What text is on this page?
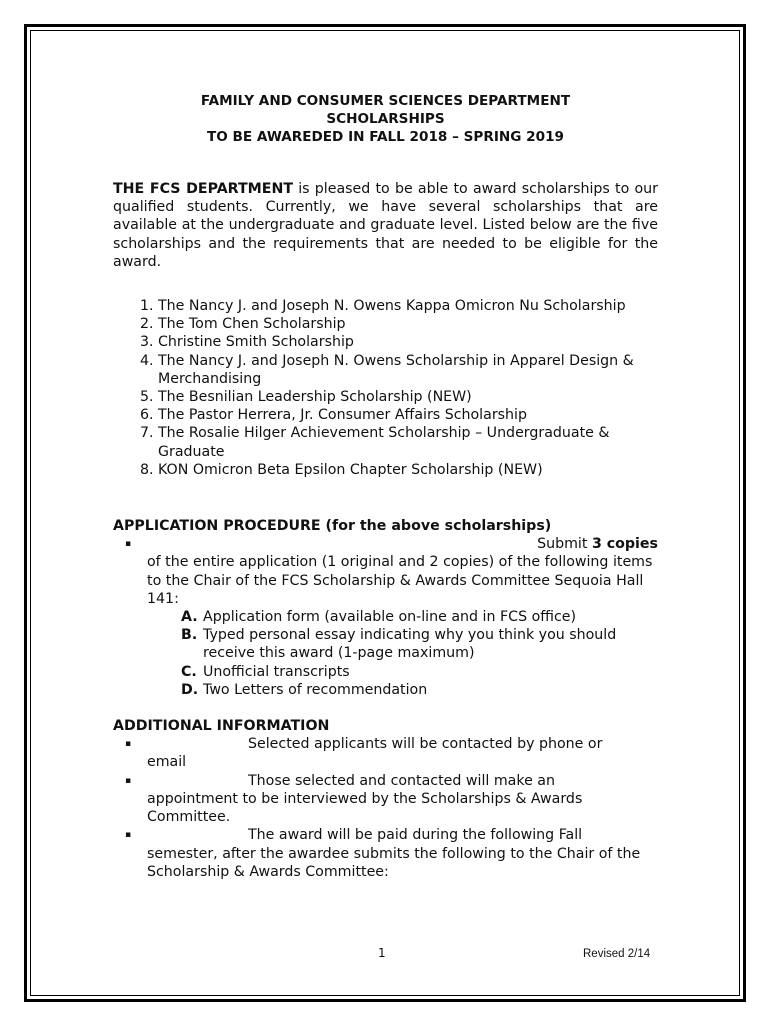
FAMILY AND CONSUMER SCIENCES DEPARTMENT
SCHOLARSHIPS
TO BE AWAREDED IN FALL 2018 – SPRING 2019
THE FCS DEPARTMENT is pleased to be able to award scholarships to our qualified students. Currently, we have several scholarships that are available at the undergraduate and graduate level. Listed below are the five scholarships and the requirements that are needed to be eligible for the award.
1. The Nancy J. and Joseph N. Owens Kappa Omicron Nu Scholarship
2. The Tom Chen Scholarship
3. Christine Smith Scholarship
4. The Nancy J. and Joseph N. Owens Scholarship in Apparel Design & Merchandising
5. The Besnilian Leadership Scholarship (NEW)
6. The Pastor Herrera, Jr. Consumer Affairs Scholarship
7. The Rosalie Hilger Achievement Scholarship – Undergraduate & Graduate
8. KON Omicron Beta Epsilon Chapter Scholarship (NEW)
APPLICATION PROCEDURE (for the above scholarships)
▪	Submit 3 copies
of the entire application (1 original and 2 copies) of the following items to the Chair of the FCS Scholarship & Awards Committee Sequoia Hall 141:
A. Application form (available on-line and in FCS office)
B. Typed personal essay indicating why you think you should receive this award (1-page maximum)
C. Unofficial transcripts
D. Two Letters of recommendation
ADDITIONAL INFORMATION
▪	Selected applicants will be contacted by phone or
email
▪	Those selected and contacted will make an
appointment to be interviewed by the Scholarships & Awards Committee.
▪	The award will be paid during the following Fall
semester, after the awardee submits the following to the Chair of the Scholarship & Awards Committee:
1	Revised 2/14
